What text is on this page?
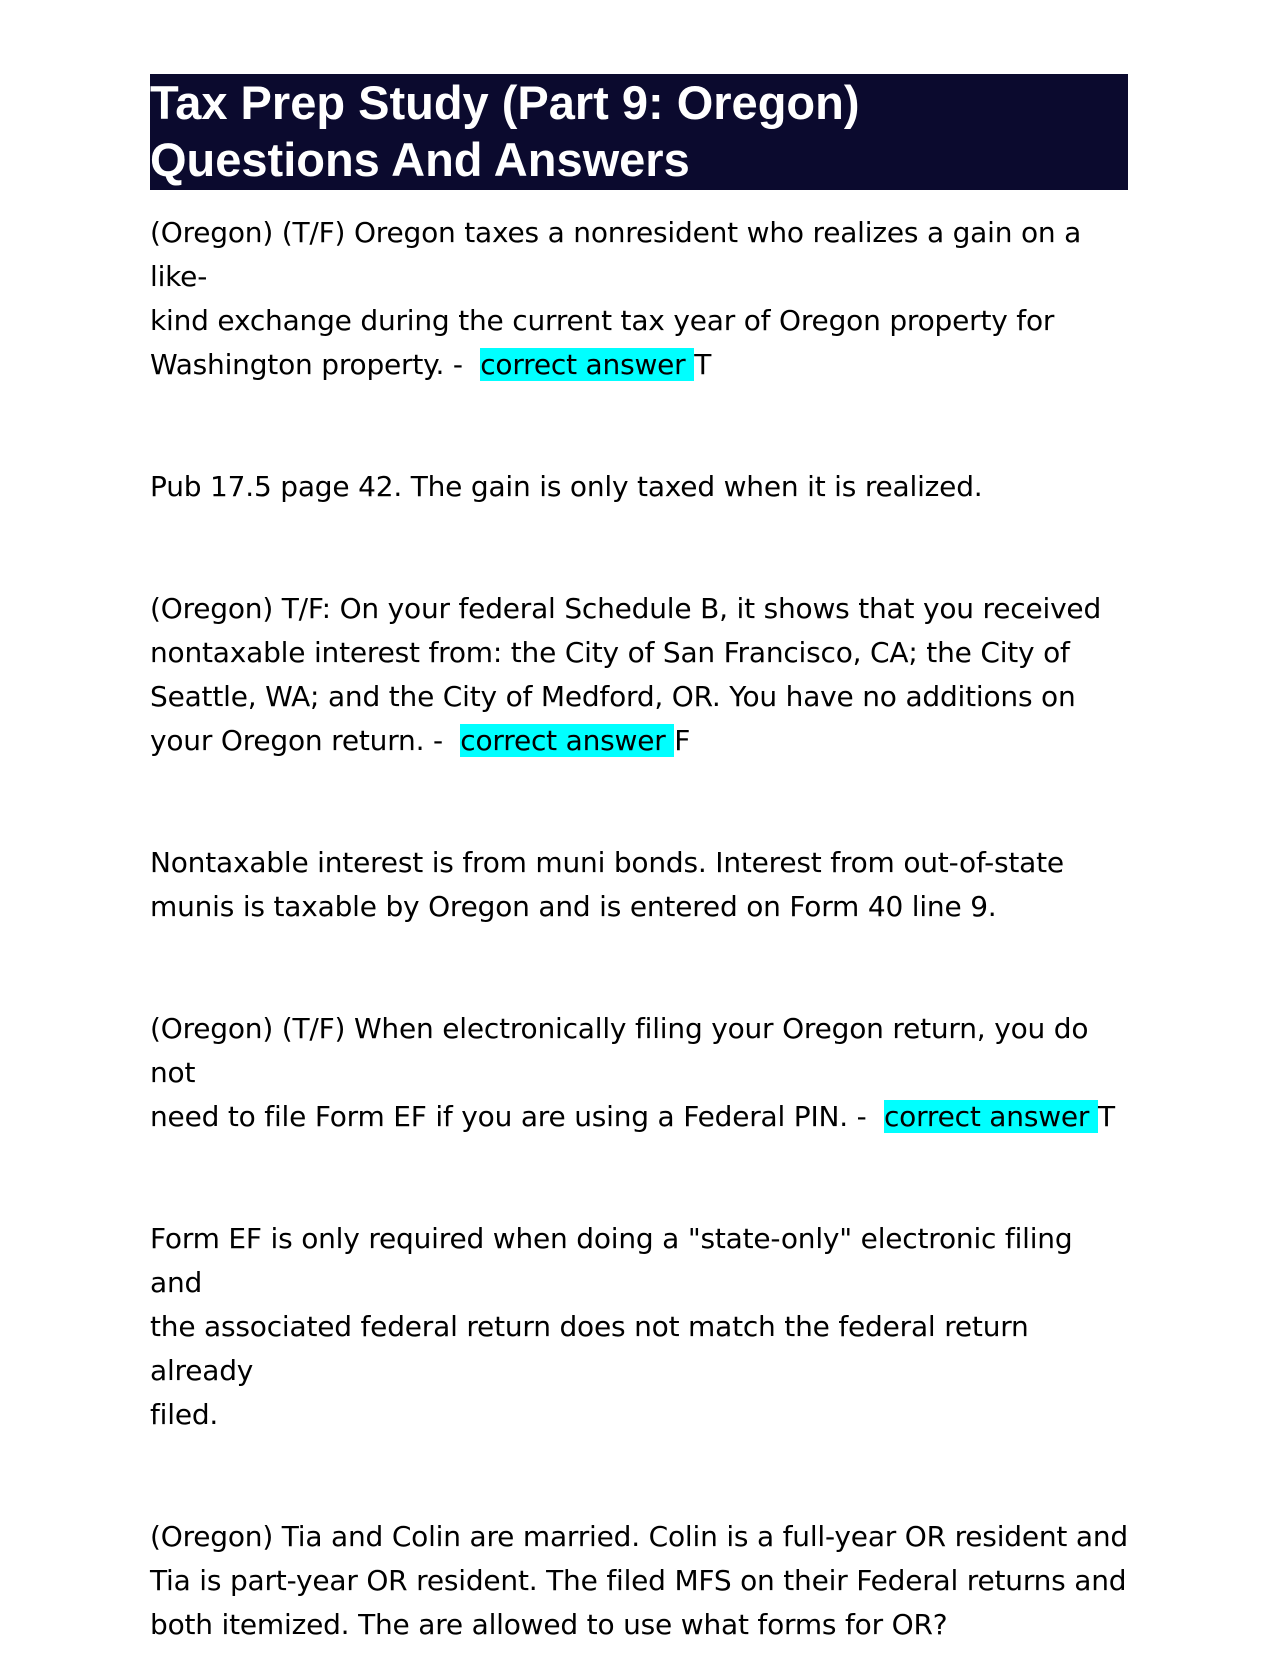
Tax Prep Study (Part 9: Oregon)
Questions And Answers

(Oregon) (T/F) Oregon taxes a nonresident who realizes a gain on a like-
kind exchange during the current tax year of Oregon property for
Washington property. -  correct answer T

Pub 17.5 page 42. The gain is only taxed when it is realized.

(Oregon) T/F: On your federal Schedule B, it shows that you received
nontaxable interest from: the City of San Francisco, CA; the City of
Seattle, WA; and the City of Medford, OR. You have no additions on
your Oregon return. -  correct answer F

Nontaxable interest is from muni bonds. Interest from out-of-state
munis is taxable by Oregon and is entered on Form 40 line 9.

(Oregon) (T/F) When electronically filing your Oregon return, you do not
need to file Form EF if you are using a Federal PIN. -  correct answer T

Form EF is only required when doing a "state-only" electronic filing and
the associated federal return does not match the federal return already
filed.

(Oregon) Tia and Colin are married. Colin is a full-year OR resident and
Tia is part-year OR resident. The filed MFS on their Federal returns and
both itemized. The are allowed to use what forms for OR?
